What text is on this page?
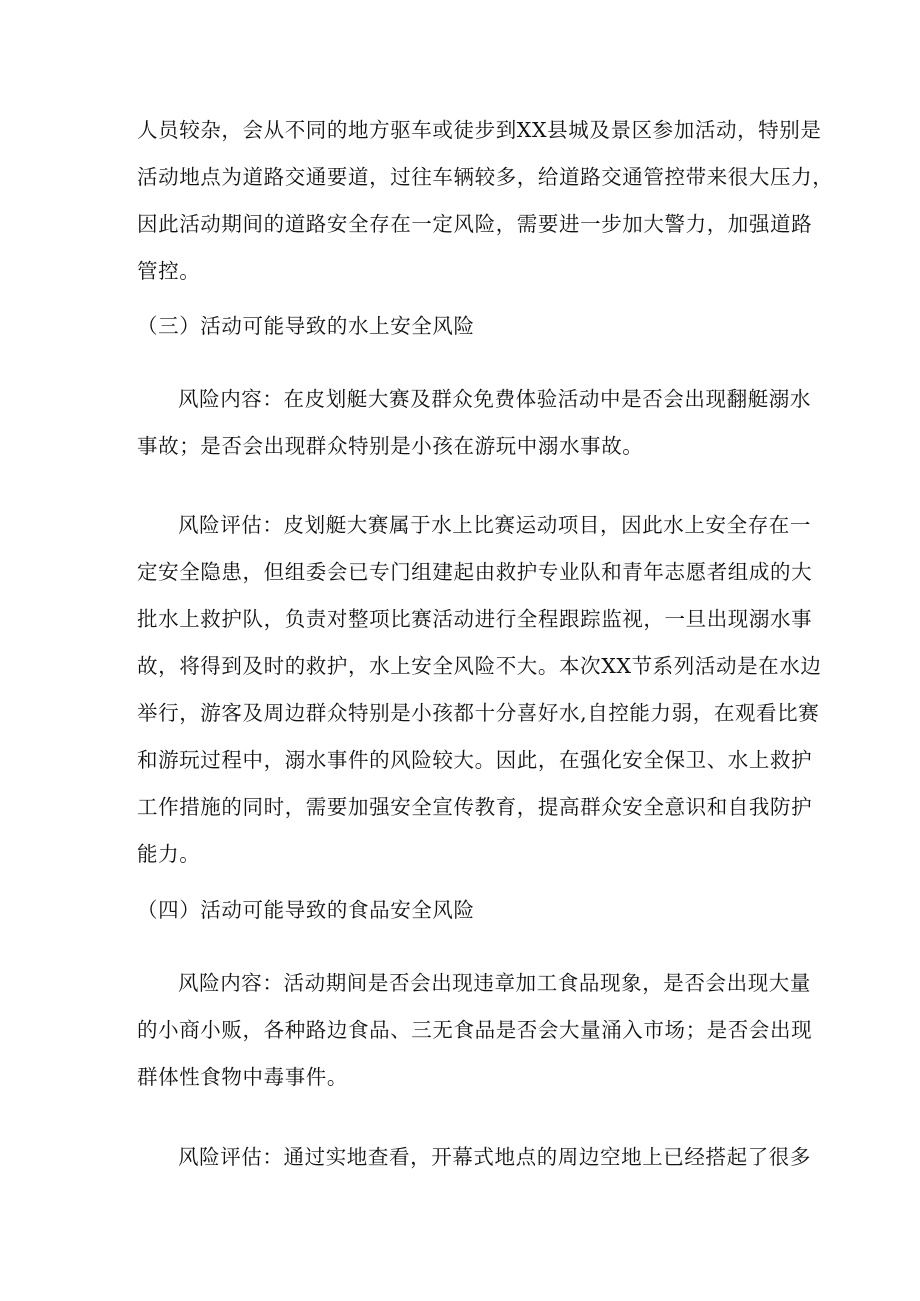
人员较杂，会从不同的地方驱车或徒步到XX县城及景区参加活动，特别是
活动地点为道路交通要道，过往车辆较多，给道路交通管控带来很大压力，
因此活动期间的道路安全存在一定风险，需要进一步加大警力，加强道路
管控。
（三）活动可能导致的水上安全风险
风险内容：在皮划艇大赛及群众免费体验活动中是否会出现翻艇溺水
事故；是否会出现群众特别是小孩在游玩中溺水事故。
风险评估：皮划艇大赛属于水上比赛运动项目，因此水上安全存在一
定安全隐患，但组委会已专门组建起由救护专业队和青年志愿者组成的大
批水上救护队，负责对整项比赛活动进行全程跟踪监视，一旦出现溺水事
故，将得到及时的救护，水上安全风险不大。本次XX节系列活动是在水边
举行，游客及周边群众特别是小孩都十分喜好水,自控能力弱，在观看比赛
和游玩过程中，溺水事件的风险较大。因此，在强化安全保卫、水上救护
工作措施的同时，需要加强安全宣传教育，提高群众安全意识和自我防护
能力。
（四）活动可能导致的食品安全风险
风险内容：活动期间是否会出现违章加工食品现象，是否会出现大量
的小商小贩，各种路边食品、三无食品是否会大量涌入市场；是否会出现
群体性食物中毒事件。
风险评估：通过实地查看，开幕式地点的周边空地上已经搭起了很多
